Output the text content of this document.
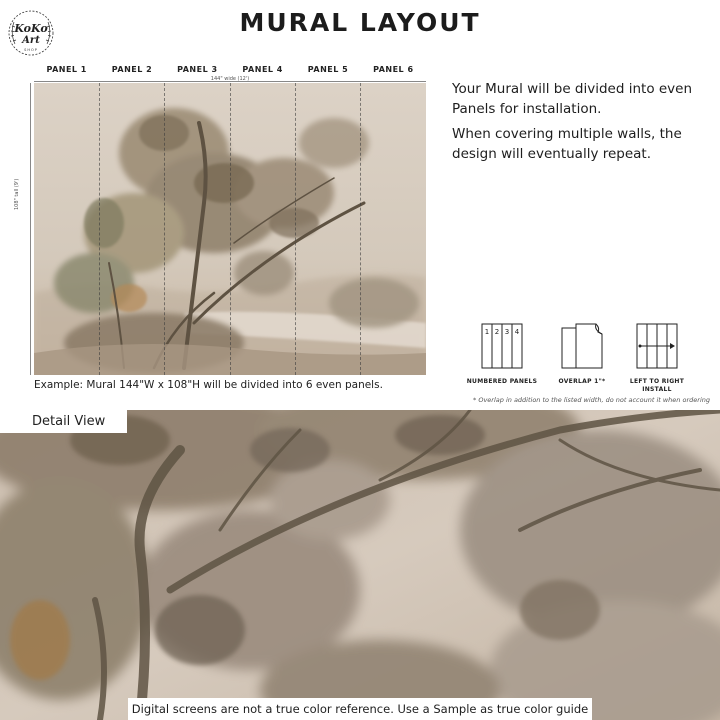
KoKo
Art
SHOP
MURAL LAYOUT
PANEL 1	PANEL 2	PANEL 3	PANEL 4	PANEL 5	PANEL 6
144" wide (12')
108" tall (9')

Your Mural will be divided into even Panels for installation.

When covering multiple walls, the design will eventually repeat.

1 2 3 4
NUMBERED PANELS	OVERLAP 1"*	LEFT TO RIGHT
INSTALL
Example: Mural 144"W x 108"H will be divided into 6 even panels.
* Overlap in addition to the listed width, do not account it when ordering
Detail View
Digital screens are not a true color reference. Use a Sample as true color guide
